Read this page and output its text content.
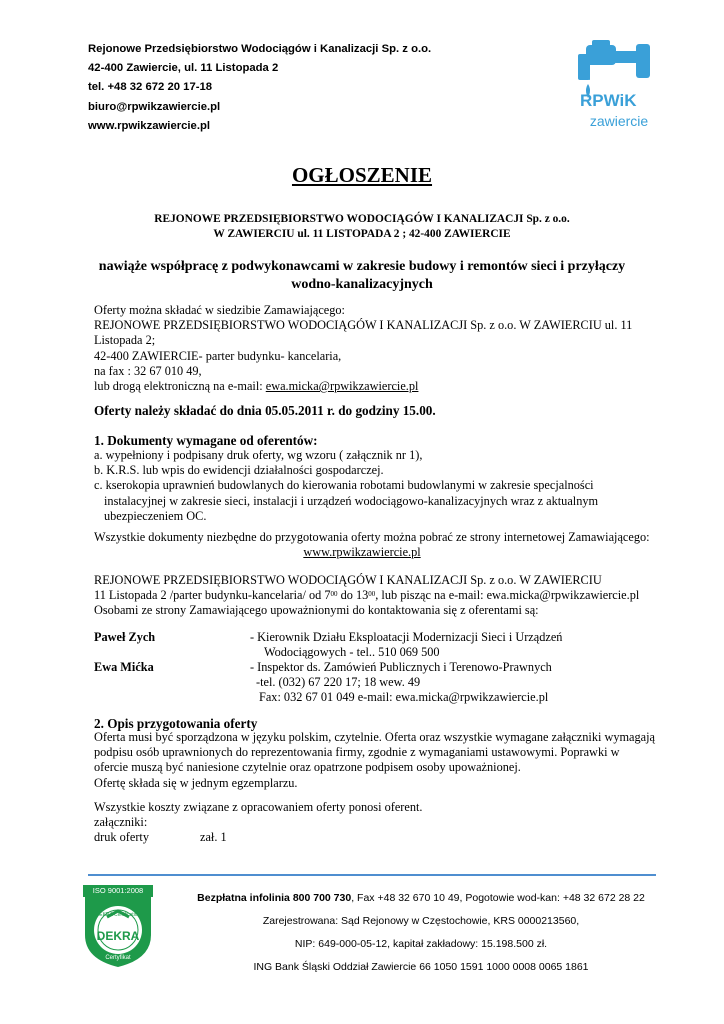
Rejonowe Przedsiębiorstwo Wodociągów i Kanalizacji Sp. z o.o.
42-400 Zawiercie, ul. 11 Listopada 2
tel. +48 32 672 20 17-18
biuro@rpwikzawiercie.pl
www.rpwikzawiercie.pl
RPWiK
zawiercie
OGŁOSZENIE
REJONOWE PRZEDSIĘBIORSTWO WODOCIĄGÓW I KANALIZACJI Sp. z o.o.
W ZAWIERCIU ul. 11 LISTOPADA 2 ; 42-400 ZAWIERCIE
nawiąże współpracę z podwykonawcami w zakresie budowy i remontów sieci i przyłączy
wodno-kanalizacyjnych
Oferty można składać w siedzibie Zamawiającego:
REJONOWE PRZEDSIĘBIORSTWO WODOCIĄGÓW I KANALIZACJI Sp. z o.o. W ZAWIERCIU ul. 11
Listopada 2;
42-400 ZAWIERCIE- parter budynku- kancelaria,
na fax : 32 67 010 49,
lub drogą elektroniczną na e-mail: ewa.micka@rpwikzawiercie.pl
Oferty należy składać do dnia 05.05.2011 r. do godziny 15.00.
1. Dokumenty wymagane od oferentów:
a. wypełniony i podpisany druk oferty, wg wzoru ( załącznik nr 1),
b. K.R.S. lub wpis do ewidencji działalności gospodarczej.
c. kserokopia uprawnień budowlanych do kierowania robotami budowlanymi w zakresie specjalności
instalacyjnej w zakresie sieci, instalacji i urządzeń wodociągowo-kanalizacyjnych wraz z aktualnym
ubezpieczeniem OC.
Wszystkie dokumenty niezbędne do przygotowania oferty można pobrać ze strony internetowej Zamawiającego:
www.rpwikzawiercie.pl
REJONOWE PRZEDSIĘBIORSTWO WODOCIĄGÓW I KANALIZACJI Sp. z o.o. W ZAWIERCIU
11 Listopada 2 /parter budynku-kancelaria/ od $7^{00}$ do $13^{00}$, lub pisząc na e-mail: ewa.micka@rpwikzawiercie.pl
Osobami ze strony Zamawiającego upoważnionymi do kontaktowania się z oferentami są:
Paweł Zych	- Kierownik Działu Eksploatacji Modernizacji Sieci i Urządzeń
Wodociągowych - tel.. 510 069 500
Ewa Mićka	- Inspektor ds. Zamówień Publicznych i Terenowo-Prawnych
-tel. (032) 67 220 17; 18 wew. 49
Fax: 032 67 01 049 e-mail: ewa.micka@rpwikzawiercie.pl
2. Opis przygotowania oferty
Oferta musi być sporządzona w języku polskim, czytelnie. Oferta oraz wszystkie wymagane załączniki wymagają
podpisu osób uprawnionych do reprezentowania firmy, zgodnie z wymaganiami ustawowymi. Poprawki w
ofercie muszą być naniesione czytelnie oraz opatrzone podpisem osoby upoważnionej.
Ofertę składa się w jednym egzemplarzu.
Wszystkie koszty związane z opracowaniem oferty ponosi oferent.
załączniki:
druk oferty	zał. 1
ISO 9001:2008
DEKRA Certification
DEKRA
Certyfikat
Bezpłatna infolinia 800 700 730, Fax +48 32 670 10 49, Pogotowie wod-kan: +48 32 672 28 22
Zarejestrowana: Sąd Rejonowy w Częstochowie, KRS 0000213560,
NIP: 649-000-05-12, kapitał zakładowy: 15.198.500 zł.
ING Bank Śląski Oddział Zawiercie 66 1050 1591 1000 0008 0065 1861
